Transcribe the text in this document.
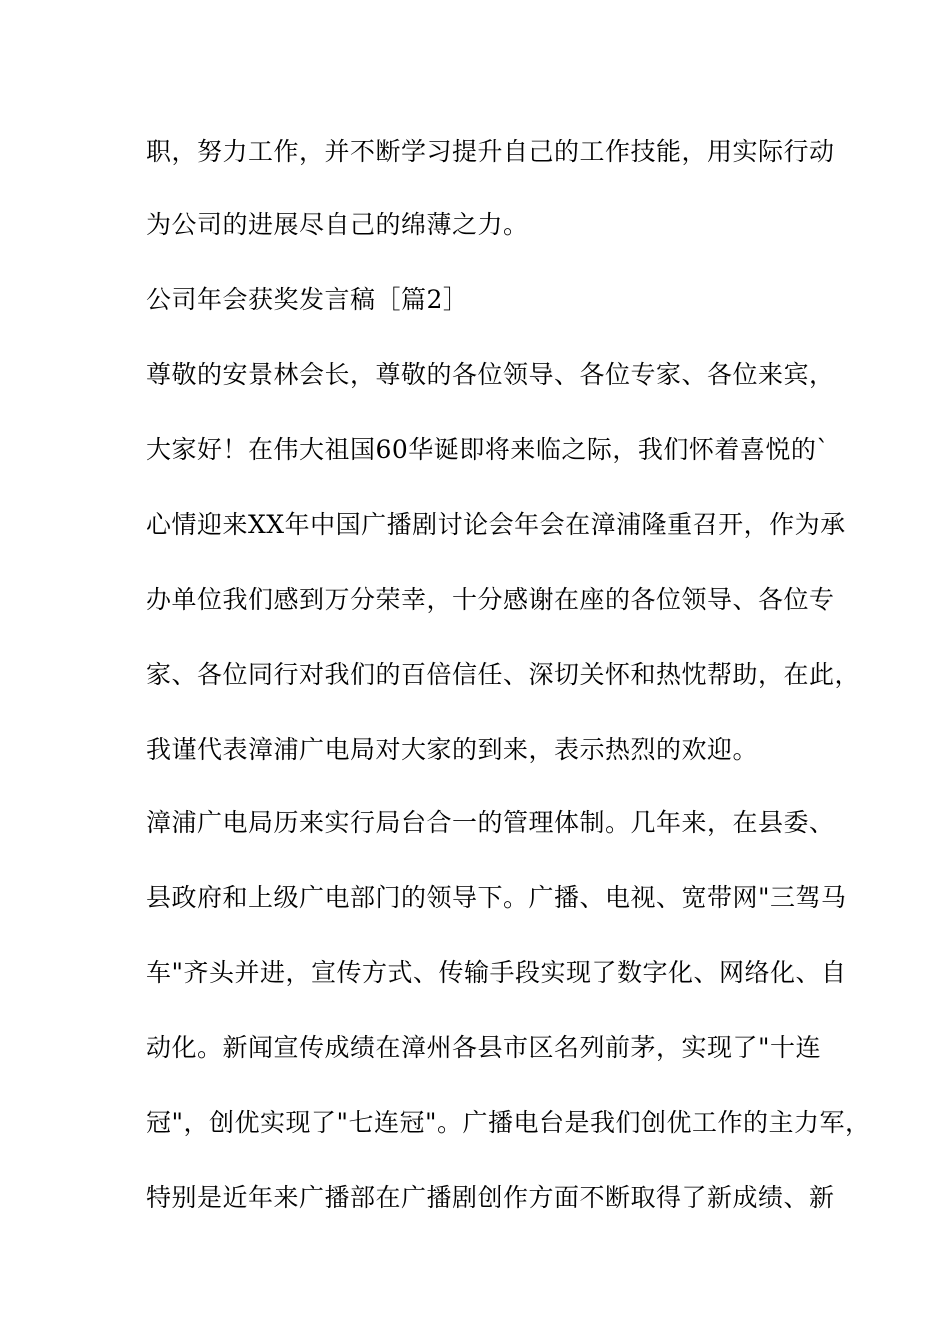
职，努力工作，并不断学习提升自己的工作技能，用实际行动
为公司的进展尽自己的绵薄之力。
公司年会获奖发言稿［篇2］
尊敬的安景林会长，尊敬的各位领导、各位专家、各位来宾，
大家好！在伟大祖国60华诞即将来临之际，我们怀着喜悦的`
心情迎来XX年中国广播剧讨论会年会在漳浦隆重召开，作为承
办单位我们感到万分荣幸，十分感谢在座的各位领导、各位专
家、各位同行对我们的百倍信任、深切关怀和热忱帮助，在此，
我谨代表漳浦广电局对大家的到来，表示热烈的欢迎。
漳浦广电局历来实行局台合一的管理体制。几年来，在县委、
县政府和上级广电部门的领导下。广播、电视、宽带网"三驾马
车"齐头并进，宣传方式、传输手段实现了数字化、网络化、自
动化。新闻宣传成绩在漳州各县市区名列前茅，实现了"十连
冠"，创优实现了"七连冠"。广播电台是我们创优工作的主力军，
特别是近年来广播部在广播剧创作方面不断取得了新成绩、新
